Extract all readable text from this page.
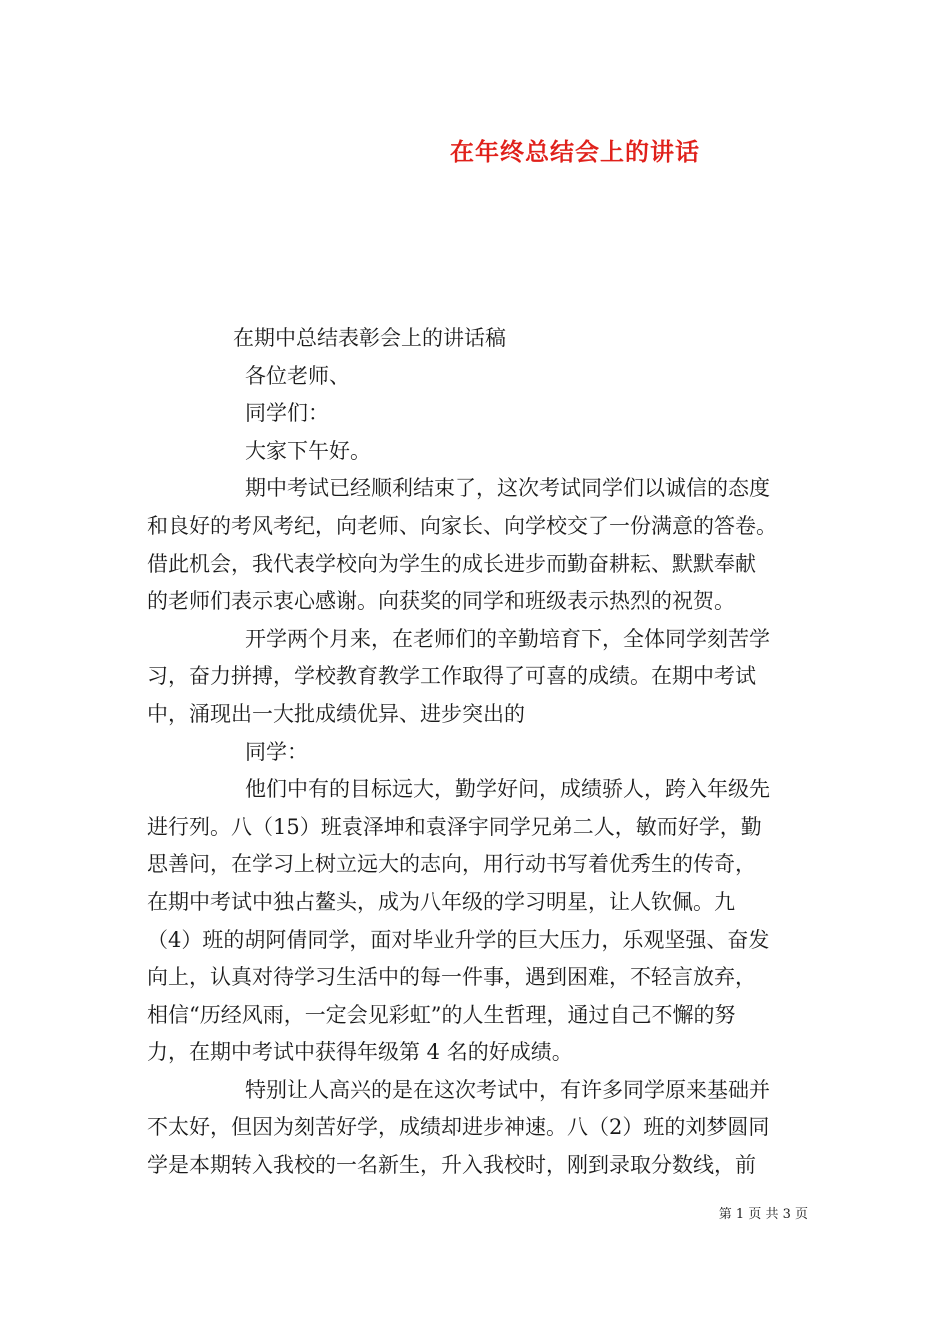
在年终总结会上的讲话
在期中总结表彰会上的讲话稿
各位老师、
同学们：
大家下午好。
期中考试已经顺利结束了，这次考试同学们以诚信的态度
和良好的考风考纪，向老师、向家长、向学校交了一份满意的答卷。
借此机会，我代表学校向为学生的成长进步而勤奋耕耘、默默奉献
的老师们表示衷心感谢。向获奖的同学和班级表示热烈的祝贺。
开学两个月来，在老师们的辛勤培育下，全体同学刻苦学
习，奋力拼搏，学校教育教学工作取得了可喜的成绩。在期中考试
中，涌现出一大批成绩优异、进步突出的
同学：
他们中有的目标远大，勤学好问，成绩骄人，跨入年级先
进行列。八（15）班袁泽坤和袁泽宇同学兄弟二人，敏而好学，勤
思善问，在学习上树立远大的志向，用行动书写着优秀生的传奇，
在期中考试中独占鳌头，成为八年级的学习明星，让人钦佩。九
（4）班的胡阿倩同学，面对毕业升学的巨大压力，乐观坚强、奋发
向上，认真对待学习生活中的每一件事，遇到困难，不轻言放弃，
相信“历经风雨，一定会见彩虹”的人生哲理，通过自己不懈的努
力，在期中考试中获得年级第 4 名的好成绩。
特别让人高兴的是在这次考试中，有许多同学原来基础并
不太好，但因为刻苦好学，成绩却进步神速。八（2）班的刘梦圆同
学是本期转入我校的一名新生，升入我校时，刚到录取分数线，前
第 1 页 共 3 页
